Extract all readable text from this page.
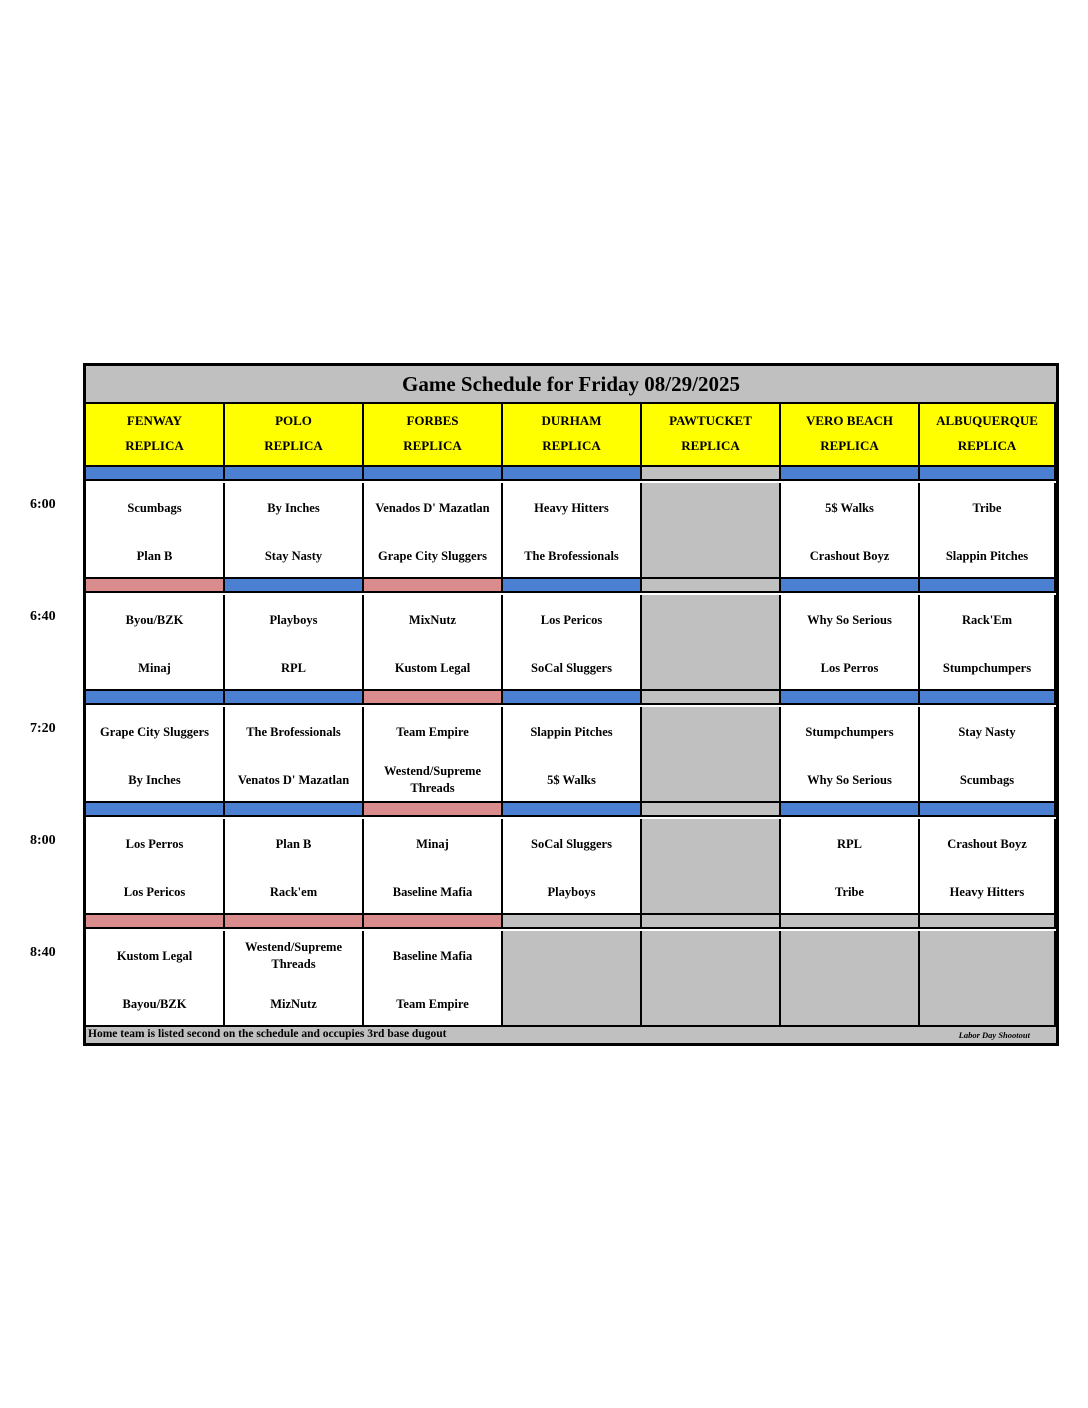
Game Schedule for Friday 08/29/2025
Home team is listed second on the schedule and occupies 3rd base dugout	Labor Day Shootout
FENWAY
REPLICA
POLO
REPLICA
FORBES
REPLICA
DURHAM
REPLICA
PAWTUCKET
REPLICA
VERO BEACH
REPLICA
ALBUQUERQUE
REPLICA
Scumbags
Plan B
By Inches
Stay Nasty
Venados D' Mazatlan
Grape City Sluggers
Heavy Hitters
The Brofessionals
5$ Walks
Crashout Boyz
Tribe
Slappin Pitches
Byou/BZK
Minaj
Playboys
RPL
MixNutz
Kustom Legal
Los Pericos
SoCal Sluggers
Why So Serious
Los Perros
Rack'Em
Stumpchumpers
Grape City Sluggers
By Inches
The Brofessionals
Venatos D' Mazatlan
Team Empire
Westend/Supreme Threads
Slappin Pitches
5$ Walks
Stumpchumpers
Why So Serious
Stay Nasty
Scumbags
Los Perros
Los Pericos
Plan B
Rack'em
Minaj
Baseline Mafia
SoCal Sluggers
Playboys
RPL
Tribe
Crashout Boyz
Heavy Hitters
Kustom Legal
Bayou/BZK
Westend/Supreme Threads
MizNutz
Baseline Mafia
Team Empire
6:00
6:40
7:20
8:00
8:40
